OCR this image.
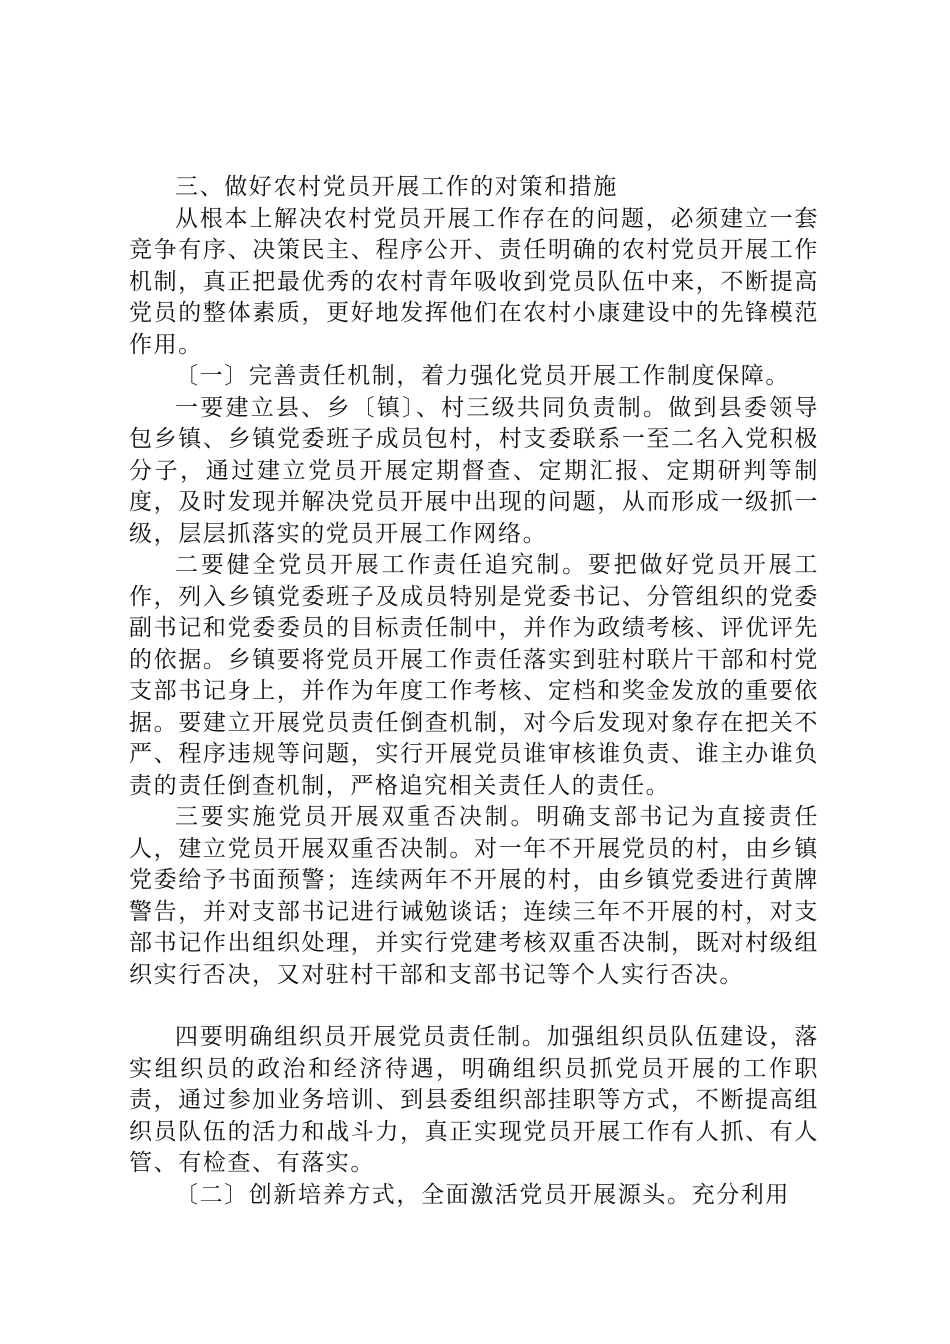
三、做好农村党员开展工作的对策和措施

从根本上解决农村党员开展工作存在的问题，必须建立一套竞争有序、决策民主、程序公开、责任明确的农村党员开展工作机制，真正把最优秀的农村青年吸收到党员队伍中来，不断提高党员的整体素质，更好地发挥他们在农村小康建设中的先锋模范作用。

〔一〕完善责任机制，着力强化党员开展工作制度保障。

一要建立县、乡〔镇〕、村三级共同负责制。做到县委领导包乡镇、乡镇党委班子成员包村，村支委联系一至二名入党积极分子，通过建立党员开展定期督查、定期汇报、定期研判等制度，及时发现并解决党员开展中出现的问题，从而形成一级抓一级，层层抓落实的党员开展工作网络。

二要健全党员开展工作责任追究制。要把做好党员开展工作，列入乡镇党委班子及成员特别是党委书记、分管组织的党委副书记和党委委员的目标责任制中，并作为政绩考核、评优评先的依据。乡镇要将党员开展工作责任落实到驻村联片干部和村党支部书记身上，并作为年度工作考核、定档和奖金发放的重要依据。要建立开展党员责任倒查机制，对今后发现对象存在把关不严、程序违规等问题，实行开展党员谁审核谁负责、谁主办谁负责的责任倒查机制，严格追究相关责任人的责任。

三要实施党员开展双重否决制。明确支部书记为直接责任人，建立党员开展双重否决制。对一年不开展党员的村，由乡镇党委给予书面预警；连续两年不开展的村，由乡镇党委进行黄牌警告，并对支部书记进行诫勉谈话；连续三年不开展的村，对支部书记作出组织处理，并实行党建考核双重否决制，既对村级组织实行否决，又对驻村干部和支部书记等个人实行否决。

四要明确组织员开展党员责任制。加强组织员队伍建设，落实组织员的政治和经济待遇，明确组织员抓党员开展的工作职责，通过参加业务培训、到县委组织部挂职等方式，不断提高组织员队伍的活力和战斗力，真正实现党员开展工作有人抓、有人管、有检查、有落实。

〔二〕创新培养方式，全面激活党员开展源头。充分利用
